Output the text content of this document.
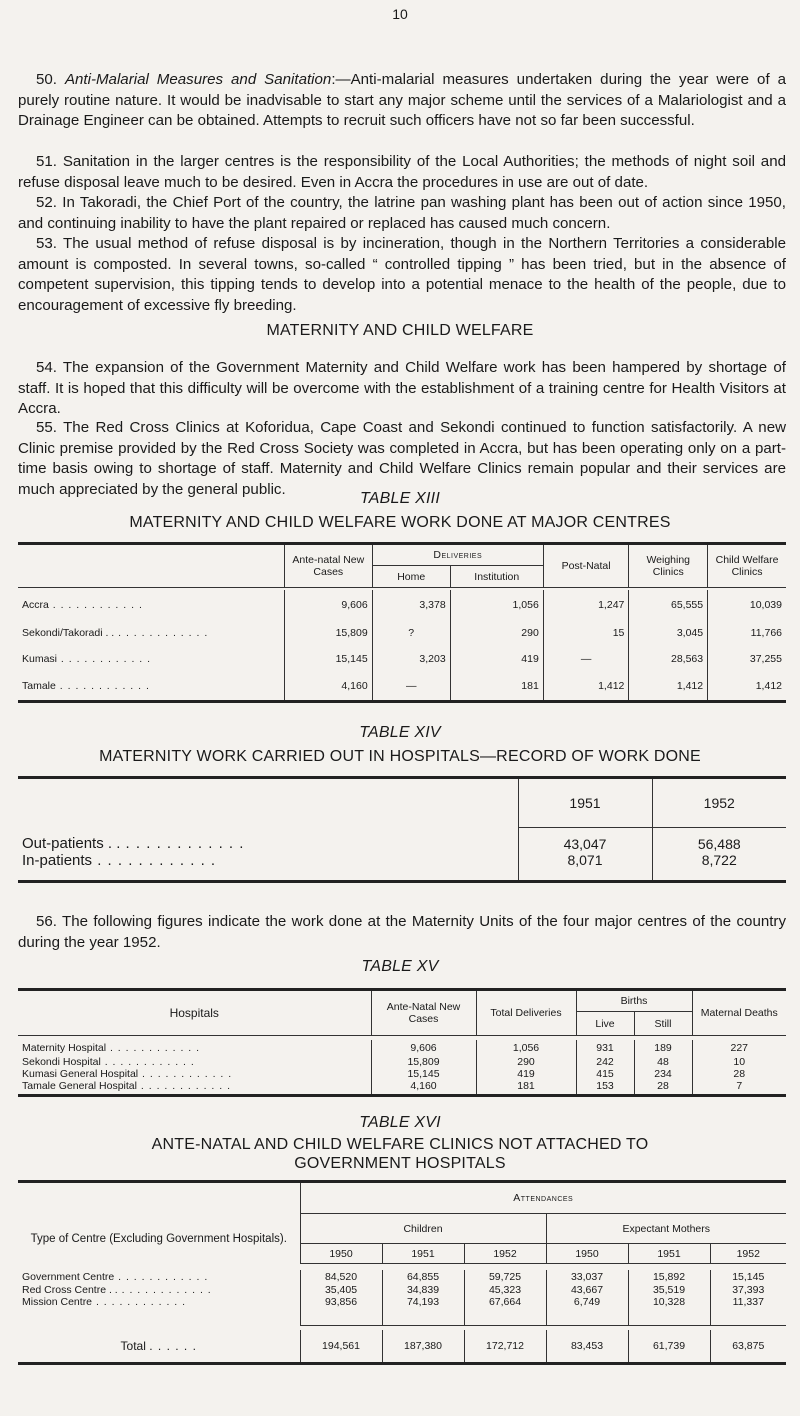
10

50. Anti-Malarial Measures and Sanitation:—Anti-malarial measures undertaken during the year were of a purely routine nature. It would be inadvisable to start any major scheme until the services of a Malariologist and a Drainage Engineer can be obtained. Attempts to recruit such officers have not so far been successful.

51. Sanitation in the larger centres is the responsibility of the Local Authorities; the methods of night soil and refuse disposal leave much to be desired. Even in Accra the procedures in use are out of date.

52. In Takoradi, the Chief Port of the country, the latrine pan washing plant has been out of action since 1950, and continuing inability to have the plant repaired or replaced has caused much concern.

53. The usual method of refuse disposal is by incineration, though in the Northern Territories a considerable amount is composted. In several towns, so-called “ controlled tipping ” has been tried, but in the absence of competent supervision, this tipping tends to develop into a potential menace to the health of the people, due to encouragement of excessive fly breeding.

MATERNITY AND CHILD WELFARE

54. The expansion of the Government Maternity and Child Welfare work has been hampered by shortage of staff. It is hoped that this difficulty will be overcome with the establishment of a training centre for Health Visitors at Accra.

55. The Red Cross Clinics at Koforidua, Cape Coast and Sekondi continued to function satisfactorily. A new Clinic premise provided by the Red Cross Society was completed in Accra, but has been operating only on a part-time basis owing to shortage of staff. Maternity and Child Welfare Clinics remain popular and their services are much appreciated by the general public.

TABLE XIII
MATERNITY AND CHILD WELFARE WORK DONE AT MAJOR CENTRES
	Ante-natal New Cases	Deliveries		Post-Natal	Weighing Clinics	Child Welfare Clinics
		Home	Institution			

Accra . .	9,606	3,378	1,056	1,247	65,555	10,039
Sekondi/Takoradi . . . .	15,809	?	290	15	3,045	11,766
Kumasi . .	15,145	3,203	419	—	28,563	37,255
Tamale . .	4,160	—	181	1,412	1,412	1,412
TABLE XIV
MATERNITY WORK CARRIED OUT IN HOSPITALS—RECORD OF WORK DONE
	1951	1952
Out-patients . . . .	43,047	56,488
In-patients . .	8,071	8,722

56. The following figures indicate the work done at the Maternity Units of the four major centres of the country during the year 1952.

TABLE XV
Hospitals	Ante-Natal New Cases	Total Deliveries	Births		Maternal Deaths
			Live	Still	

Maternity Hospital . .	9,606	1,056	931	189	227
Sekondi Hospital . .	15,809	290	242	48	10
Kumasi General Hospital . .	15,145	419	415	234	28
Tamale General Hospital . .	4,160	181	153	28	7
TABLE XVI
ANTE-NATAL AND CHILD WELFARE CLINICS NOT ATTACHED TO
GOVERNMENT HOSPITALS
	Attendances					
Type of Centre (Excluding Government Hospitals).	Children			Expectant Mothers		
	1950	1951	1952	1950	1951	1952

Government Centre . .	84,520	64,855	59,725	33,037	15,892	15,145
Red Cross Centre . . . .	35,405	34,839	45,323	43,667	35,519	37,393
Mission Centre . .	93,856	74,193	67,664	6,749	10,328	11,337

Total . . . . . .	194,561	187,380	172,712	83,453	61,739	63,875
